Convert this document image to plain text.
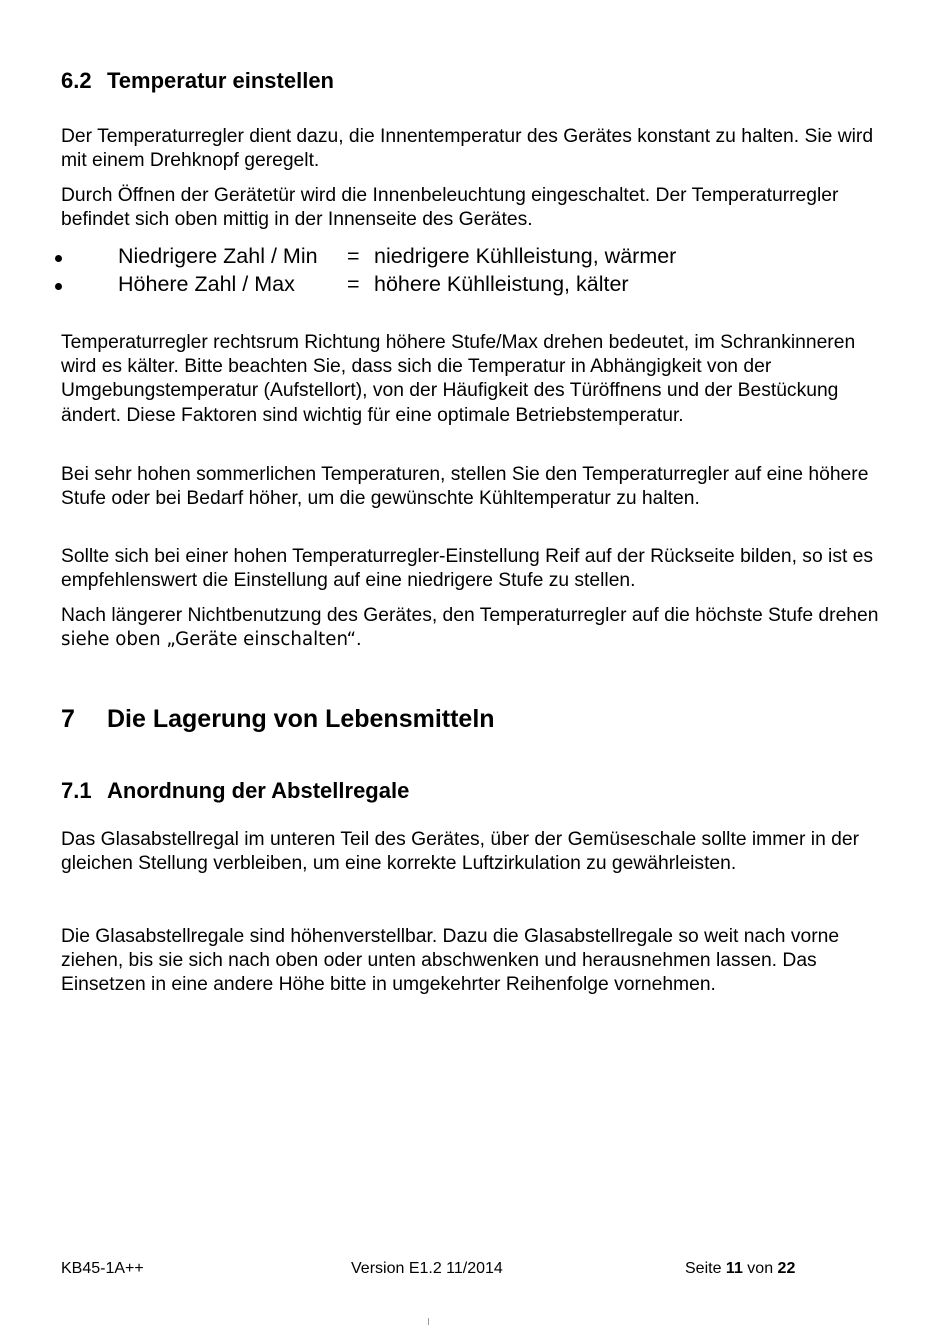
6.2 Temperatur einstellen

Der Temperaturregler dient dazu, die Innentemperatur des Gerätes konstant zu halten. Sie wird mit einem Drehknopf geregelt.

Durch Öffnen der Gerätetür wird die Innenbeleuchtung eingeschaltet. Der Temperaturregler befindet sich oben mittig in der Innenseite des Gerätes.

Niedrigere Zahl / Min = niedrigere Kühlleistung, wärmer
Höhere Zahl / Max = höhere Kühlleistung, kälter

Temperaturregler rechtsrum Richtung höhere Stufe/Max drehen bedeutet, im Schrankinneren wird es kälter. Bitte beachten Sie, dass sich die Temperatur in Abhängigkeit von der Umgebungstemperatur (Aufstellort), von der Häufigkeit des Türöffnens und der Bestückung ändert. Diese Faktoren sind wichtig für eine optimale Betriebstemperatur.

Bei sehr hohen sommerlichen Temperaturen, stellen Sie den Temperaturregler auf eine höhere Stufe oder bei Bedarf höher, um die gewünschte Kühltemperatur zu halten.

Sollte sich bei einer hohen Temperaturregler-Einstellung Reif auf der Rückseite bilden, so ist es empfehlenswert die Einstellung auf eine niedrigere Stufe zu stellen.

Nach längerer Nichtbenutzung des Gerätes, den Temperaturregler auf die höchste Stufe drehen siehe oben „Geräte einschalten“.

7 Die Lagerung von Lebensmitteln
7.1 Anordnung der Abstellregale

Das Glasabstellregal im unteren Teil des Gerätes, über der Gemüseschale sollte immer in der gleichen Stellung verbleiben, um eine korrekte Luftzirkulation zu gewährleisten.

Die Glasabstellregale sind höhenverstellbar. Dazu die Glasabstellregale so weit nach vorne ziehen, bis sie sich nach oben oder unten abschwenken und herausnehmen lassen. Das Einsetzen in eine andere Höhe bitte in umgekehrter Reihenfolge vornehmen.

KB45-1A++	Version E1.2 11/2014	Seite 11 von 22
